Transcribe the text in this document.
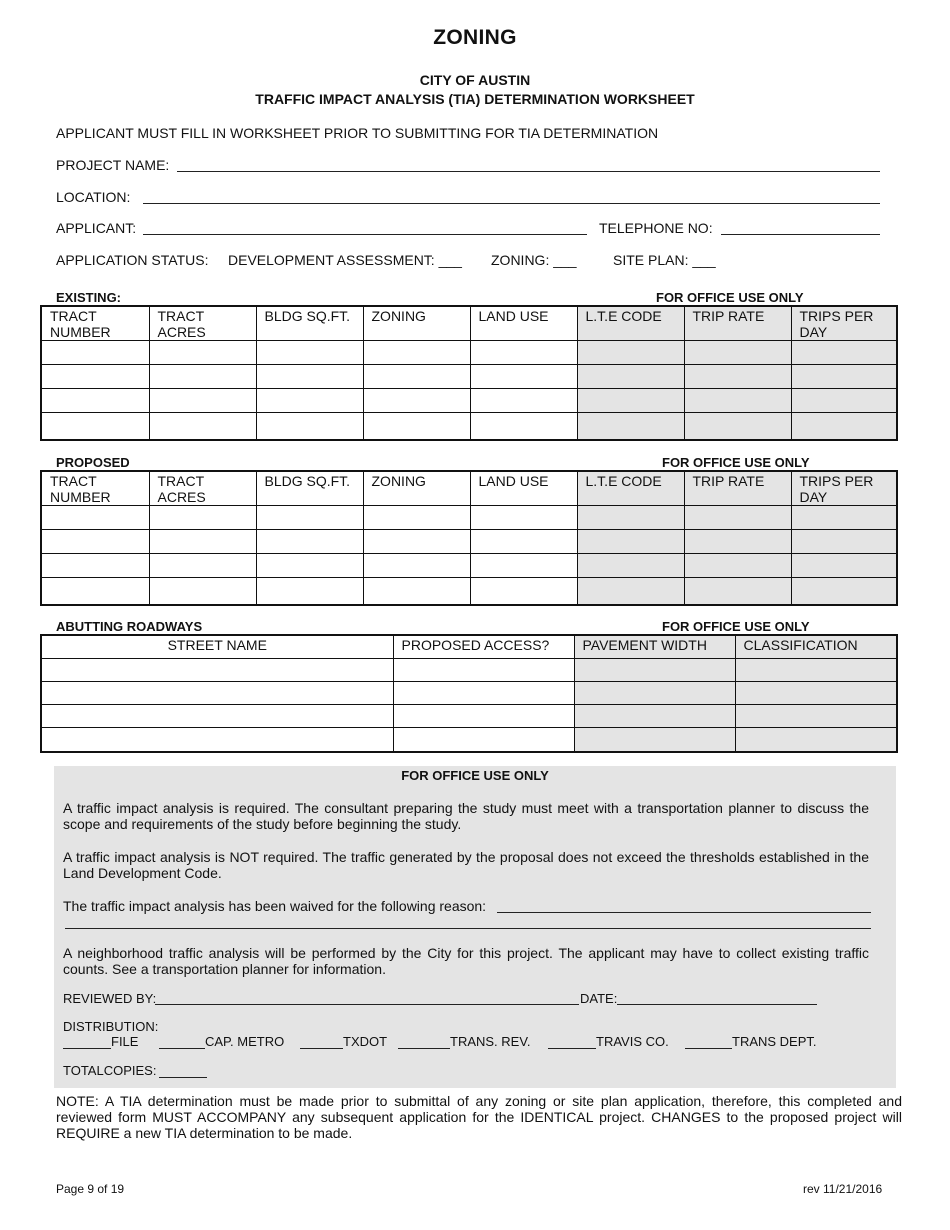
ZONING
CITY OF AUSTIN
TRAFFIC IMPACT ANALYSIS (TIA) DETERMINATION WORKSHEET
APPLICANT MUST FILL IN WORKSHEET PRIOR TO SUBMITTING FOR TIA DETERMINATION
PROJECT NAME:
LOCATION:
APPLICANT:	TELEPHONE NO:
APPLICATION STATUS: DEVELOPMENT ASSESSMENT: ___ ZONING: ___	SITE PLAN: ___
EXISTING:	FOR OFFICE USE ONLY
TRACT NUMBER	TRACT ACRES	BLDG SQ.FT.	ZONING	LAND USE	L.T.E CODE	TRIP RATE	TRIPS PER DAY

PROPOSED	FOR OFFICE USE ONLY
TRACT NUMBER	TRACT ACRES	BLDG SQ.FT.	ZONING	LAND USE	L.T.E CODE	TRIP RATE	TRIPS PER DAY

ABUTTING ROADWAYS	FOR OFFICE USE ONLY
STREET NAME	PROPOSED ACCESS?	PAVEMENT WIDTH	CLASSIFICATION

FOR OFFICE USE ONLY
A traffic impact analysis is required. The consultant preparing the study must meet with a transportation planner to discuss the scope and requirements of the study before beginning the study.
A traffic impact analysis is NOT required. The traffic generated by the proposal does not exceed the thresholds established in the Land Development Code.
The traffic impact analysis has been waived for the following reason:
A neighborhood traffic analysis will be performed by the City for this project. The applicant may have to collect existing traffic counts. See a transportation planner for information.
REVIEWED BY:	DATE:
DISTRIBUTION:
FILE	CAP. METRO	TXDOT	TRANS. REV.	TRAVIS CO.	TRANS DEPT.
TOTALCOPIES:
NOTE: A TIA determination must be made prior to submittal of any zoning or site plan application, therefore, this completed and reviewed form MUST ACCOMPANY any subsequent application for the IDENTICAL project. CHANGES to the proposed project will REQUIRE a new TIA determination to be made.
Page 9 of 19	rev 11/21/2016
